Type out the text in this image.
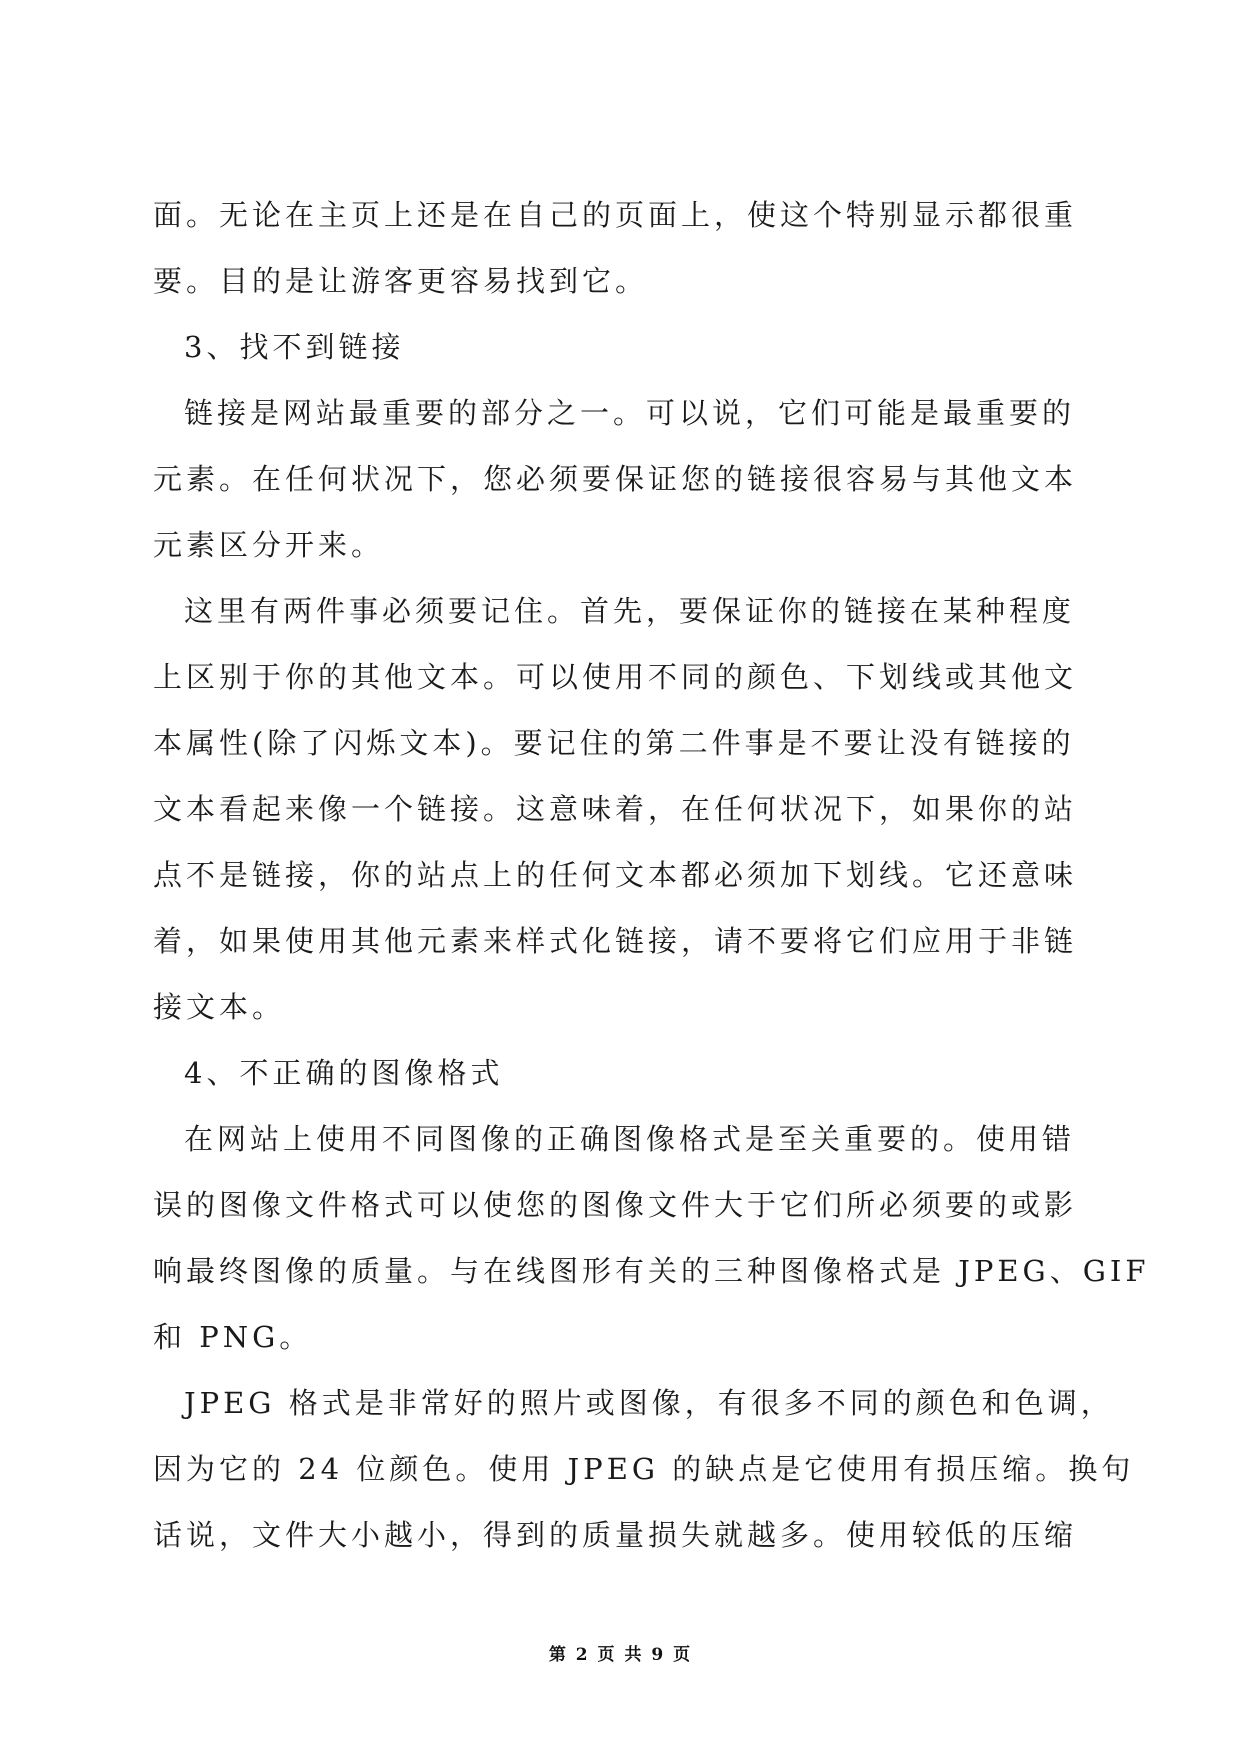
面。无论在主页上还是在自己的页面上，使这个特别显示都很重
要。目的是让游客更容易找到它。
3、找不到链接
链接是网站最重要的部分之一。可以说，它们可能是最重要的
元素。在任何状况下，您必须要保证您的链接很容易与其他文本
元素区分开来。
这里有两件事必须要记住。首先，要保证你的链接在某种程度
上区别于你的其他文本。可以使用不同的颜色、下划线或其他文
本属性(除了闪烁文本)。要记住的第二件事是不要让没有链接的
文本看起来像一个链接。这意味着，在任何状况下，如果你的站
点不是链接，你的站点上的任何文本都必须加下划线。它还意味
着，如果使用其他元素来样式化链接，请不要将它们应用于非链
接文本。
4、不正确的图像格式
在网站上使用不同图像的正确图像格式是至关重要的。使用错
误的图像文件格式可以使您的图像文件大于它们所必须要的或影
响最终图像的质量。与在线图形有关的三种图像格式是 JPEG、GIF
和 PNG。
JPEG 格式是非常好的照片或图像，有很多不同的颜色和色调，
因为它的 24 位颜色。使用 JPEG 的缺点是它使用有损压缩。换句
话说，文件大小越小，得到的质量损失就越多。使用较低的压缩
第 2 页 共 9 页
